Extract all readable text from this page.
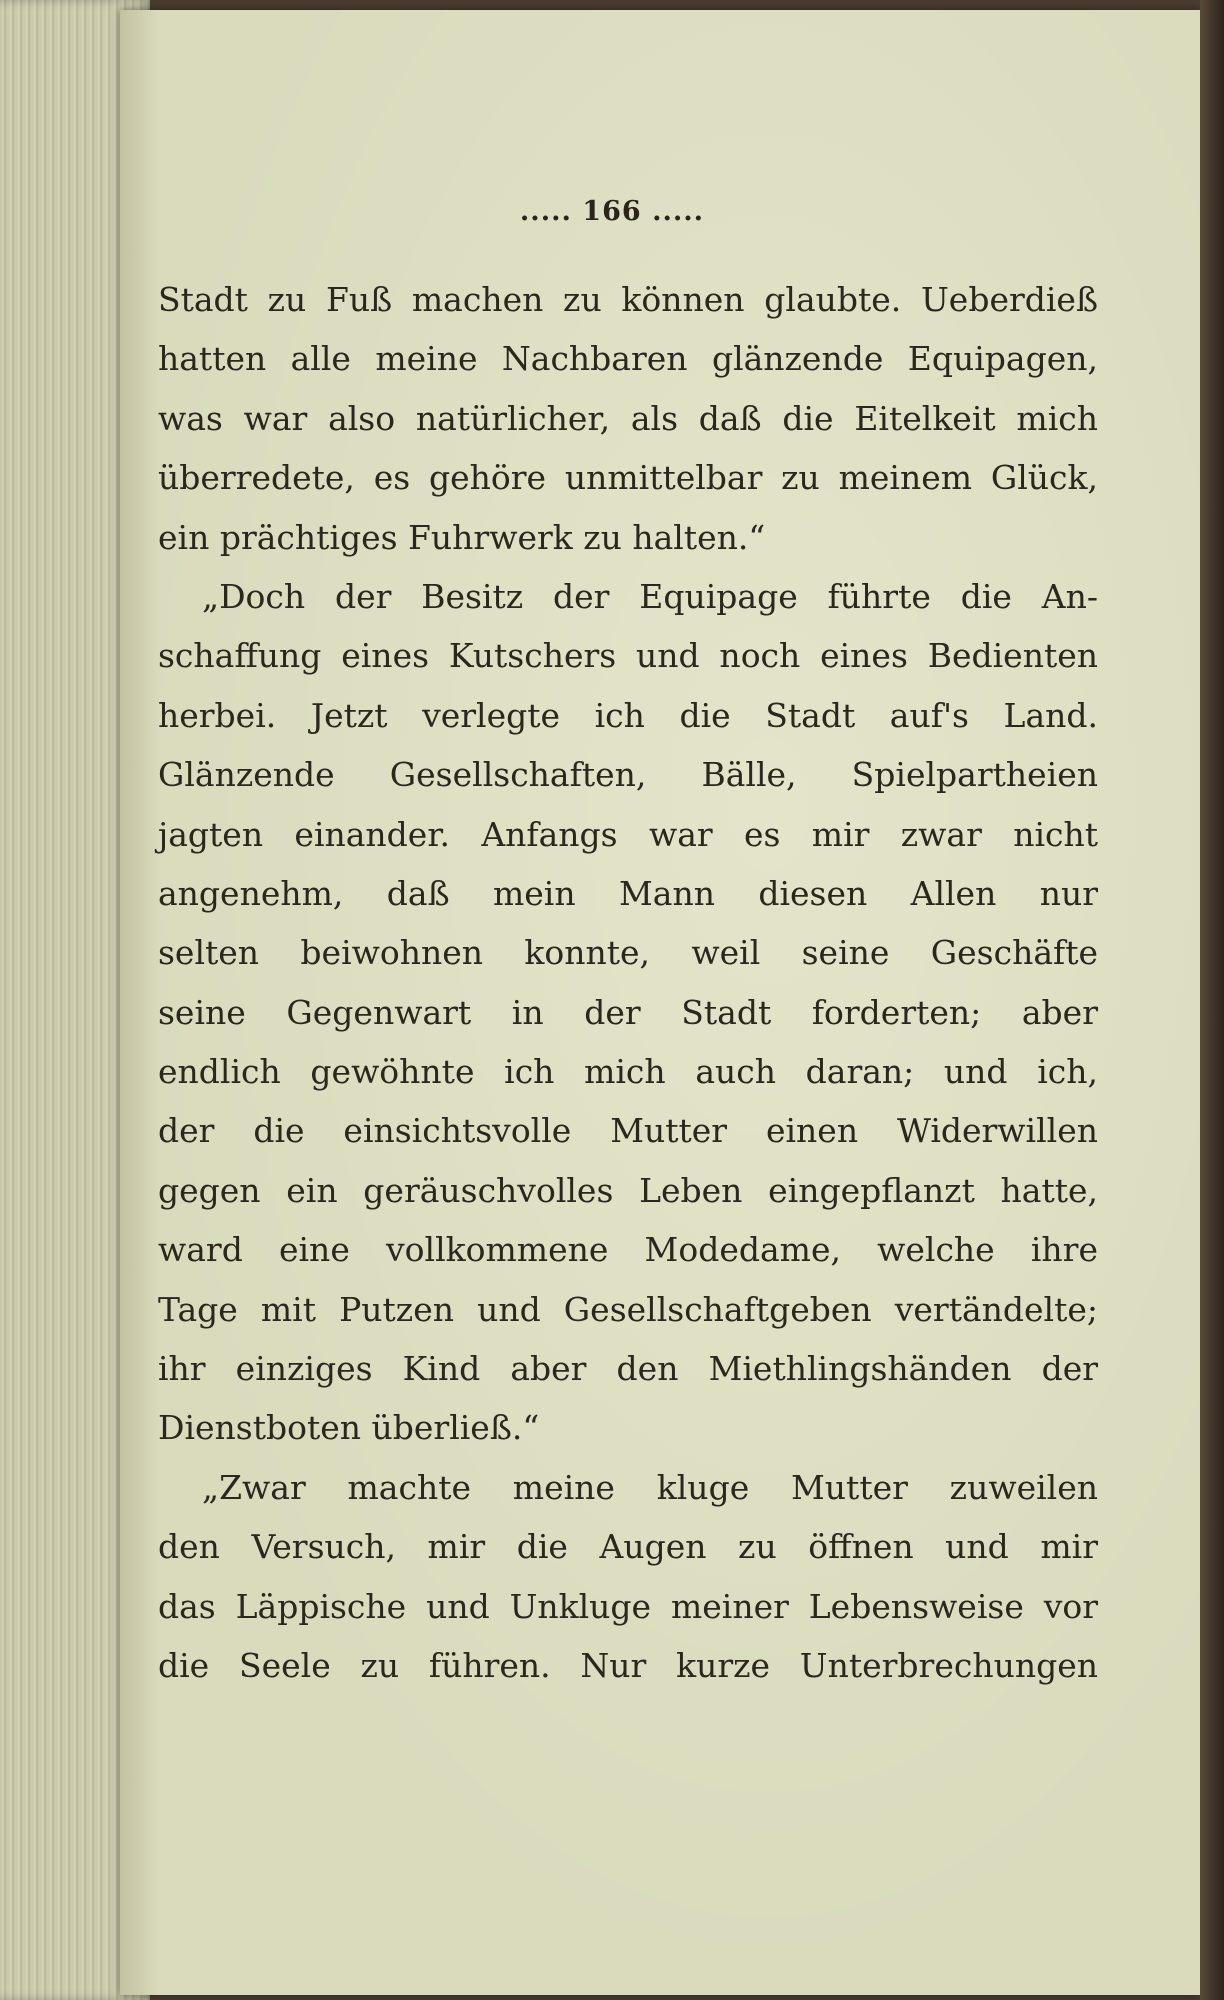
..... 166 .....
Stadt zu Fuß machen zu können glaubte. Ueberdieß
hatten alle meine Nachbaren glänzende Equipagen,
was war also natürlicher, als daß die Eitelkeit mich
überredete, es gehöre unmittelbar zu meinem Glück,
ein prächtiges Fuhrwerk zu halten.“
„Doch der Besitz der Equipage führte die An-
schaffung eines Kutschers und noch eines Bedienten
herbei. Jetzt verlegte ich die Stadt auf's Land.
Glänzende Gesellschaften, Bälle, Spielpartheien
jagten einander. Anfangs war es mir zwar nicht
angenehm, daß mein Mann diesen Allen nur
selten beiwohnen konnte, weil seine Geschäfte
seine Gegenwart in der Stadt forderten; aber
endlich gewöhnte ich mich auch daran; und ich,
der die einsichtsvolle Mutter einen Widerwillen
gegen ein geräuschvolles Leben eingepflanzt hatte,
ward eine vollkommene Modedame, welche ihre
Tage mit Putzen und Gesellschaftgeben vertändelte;
ihr einziges Kind aber den Miethlingshänden der
Dienstboten überließ.“
„Zwar machte meine kluge Mutter zuweilen
den Versuch, mir die Augen zu öffnen und mir
das Läppische und Unkluge meiner Lebensweise vor
die Seele zu führen. Nur kurze Unterbrechungen
